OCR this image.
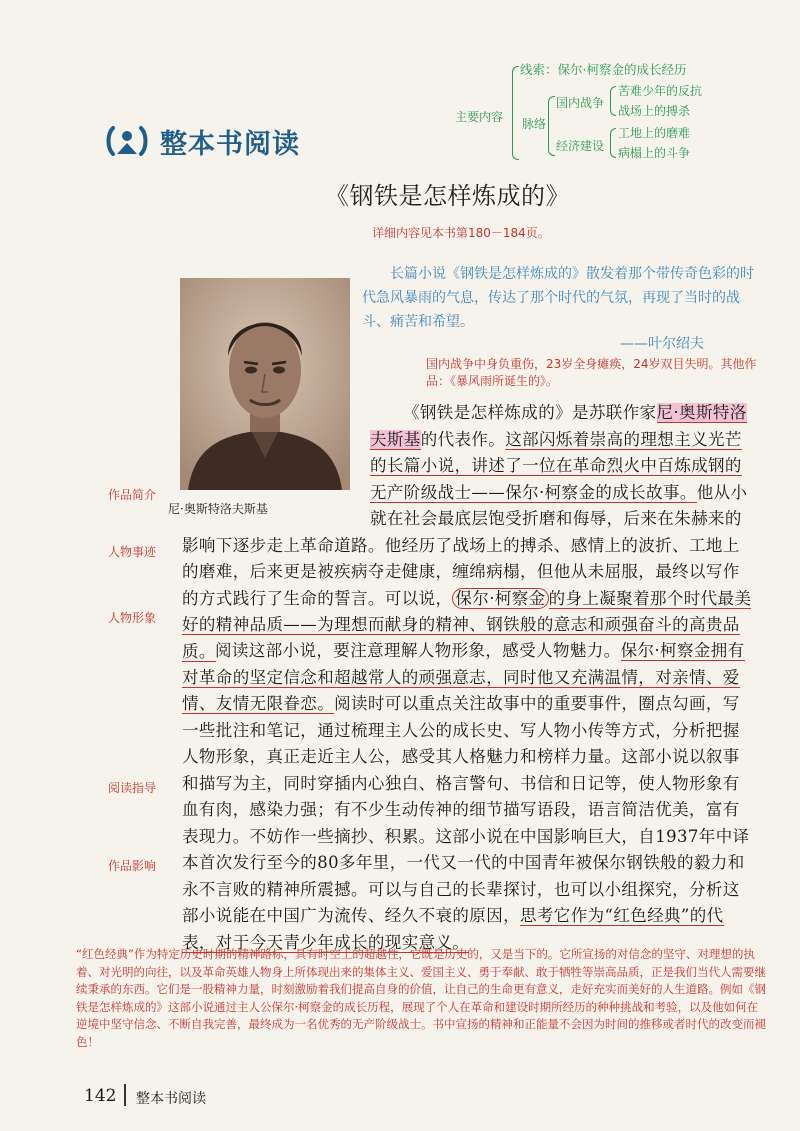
主要内容
线索：保尔·柯察金的成长经历
脉络
国内战争
苦难少年的反抗
战场上的搏杀
经济建设
工地上的磨难
病榻上的斗争
整本书阅读
《钢铁是怎样炼成的》
详细内容见本书第180－184页。
长篇小说《钢铁是怎样炼成的》散发着那个带传奇色彩的时代急风暴雨的气息，传达了那个时代的气氛，再现了当时的战斗、痛苦和希望。
——叶尔绍夫
国内战争中身负重伤，23岁全身瘫痪，24岁双目失明。其他作品：《暴风雨所诞生的》。
尼·奥斯特洛夫斯基
作品简介
人物事迹
人物形象
阅读指导
作品影响

《钢铁是怎样炼成的》是苏联作家尼·奥斯特洛夫斯基的代表作。这部闪烁着崇高的理想主义光芒的长篇小说，讲述了一位在革命烈火中百炼成钢的无产阶级战士——保尔·柯察金的成长故事。他从小就在社会最底层饱受折磨和侮辱，后来在朱赫来的影响下逐步走上革命道路。他经历了战场上的搏杀、感情上的波折、工地上的磨难，后来更是被疾病夺走健康，缠绵病榻，但他从未屈服，最终以写作的方式践行了生命的誓言。可以说， 保尔·柯察金 的身上凝聚着那个时代最美好的精神品质——为理想而献身的精神、钢铁般的意志和顽强奋斗的高贵品质。 阅读这部小说，要注意理解人物形象，感受人物魅力。保尔·柯察金拥有对革命的坚定信念和超越常人的顽强意志，同时他又充满温情，对亲情、爱情、友情无限眷恋。阅读时可以重点关注故事中的重要事件，圈点勾画，写一些批注和笔记，通过梳理主人公的成长史、写人物小传等方式，分析把握人物形象，真正走近主人公，感受其人格魅力和榜样力量。这部小说以叙事和描写为主，同时穿插内心独白、格言警句、书信和日记等，使人物形象有血有肉，感染力强；有不少生动传神的细节描写语段，语言简洁优美，富有表现力。不妨作一些摘抄、积累。这部小说在中国影响巨大，自1937年中译本首次发行至今的80多年里，一代又一代的中国青年被保尔钢铁般的毅力和永不言败的精神所震撼。可以与自己的长辈探讨，也可以小组探究，分析这部小说能在中国广为流传、经久不衰的原因，思考它作为“红色经典”的代表，对于今天青少年成长的现实意义。

“红色经典”作为特定历史时期的精神路标，具有时空上的超越性，它既是历史的，又是当下的。它所宣扬的对信念的坚守、对理想的执着、对光明的向往，以及革命英雄人物身上所体现出来的集体主义、爱国主义、勇于奉献、敢于牺牲等崇高品质，正是我们当代人需要继续秉承的东西。它们是一股精神力量，时刻激励着我们提高自身的价值，让自己的生命更有意义，走好充实而美好的人生道路。例如《钢铁是怎样炼成的》这部小说通过主人公保尔·柯察金的成长历程，展现了个人在革命和建设时期所经历的种种挑战和考验，以及他如何在逆境中坚守信念、不断自我完善，最终成为一名优秀的无产阶级战士。书中宣扬的精神和正能量不会因为时间的推移或者时代的改变而褪色！
142 整本书阅读
